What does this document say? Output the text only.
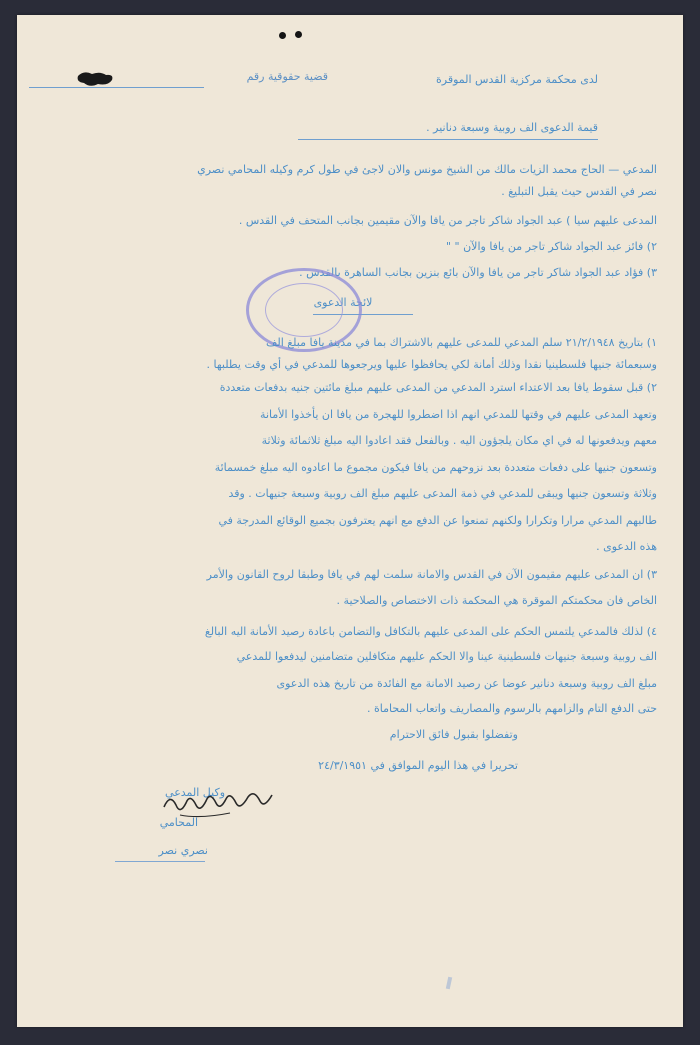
قضية حقوقية رقم	لدى محكمة مركزية القدس الموقرة
قيمة الدعوى الف روبية وسبعة دنانير .
المدعي — الحاج محمد الزيات مالك من الشيخ مونس والان لاجئ في طول كرم وكيله المحامي نصري
نصر في القدس حيث يقبل التبليغ .
المدعى عليهم سيا ) عبد الجواد شاكر تاجر من يافا والآن مقيمين بجانب المتحف في القدس .
٢) فائز عبد الجواد شاكر تاجر من يافا والآن " "
٣) فؤاد عبد الجواد شاكر تاجر من يافا والآن بائع بنزين بجانب الساهرة بالقدس .
لائحة الدعوى
١) بتاريخ ٢١/٢/١٩٤٨ سلم المدعي للمدعى عليهم بالاشتراك بما في مدينة يافا مبلغ الف
وسبعمائة جنيها فلسطينيا نقدا وذلك أمانة لكي يحافظوا عليها ويرجعوها للمدعي في أي وقت يطلبها .
٢) قبل سقوط يافا بعد الاعتداء استرد المدعي من المدعى عليهم مبلغ مائتين جنيه بدفعات متعددة
وتعهد المدعى عليهم في وقتها للمدعي انهم اذا اضطروا للهجرة من يافا ان يأخذوا الأمانة
معهم ويدفعونها له في اي مكان يلجؤون اليه . وبالفعل فقد اعادوا اليه مبلغ ثلاثمائة وثلاثة
وتسعون جنيها على دفعات متعددة بعد نزوحهم من يافا فيكون مجموع ما اعادوه اليه مبلغ خمسمائة
وثلاثة وتسعون جنيها ويبقى للمدعي في ذمة المدعى عليهم مبلغ الف روبية وسبعة جنيهات . وقد
طالبهم المدعي مرارا وتكرارا ولكنهم تمنعوا عن الدفع مع انهم يعترفون بجميع الوقائع المدرجة في
هذه الدعوى .
٣) ان المدعى عليهم مقيمون الآن في القدس والامانة سلمت لهم في يافا وطبقا لروح القانون والأمر
الخاص فان محكمتكم الموقرة هي المحكمة ذات الاختصاص والصلاحية .
٤) لذلك فالمدعي يلتمس الحكم على المدعى عليهم بالتكافل والتضامن باعادة رصيد الأمانة اليه البالغ
الف روبية وسبعة جنيهات فلسطينية عينا والا الحكم عليهم متكافلين متضامنين ليدفعوا للمدعي
مبلغ الف روبية وسبعة دنانير عوضا عن رصيد الامانة مع الفائدة من تاريخ هذه الدعوى
حتى الدفع التام والزامهم بالرسوم والمصاريف واتعاب المحاماة .
وتفضلوا بقبول فائق الاحترام
تحريرا في هذا اليوم الموافق في ٢٤/٣/١٩٥١
وكيل المدعي
المحامي
نصري نصر
